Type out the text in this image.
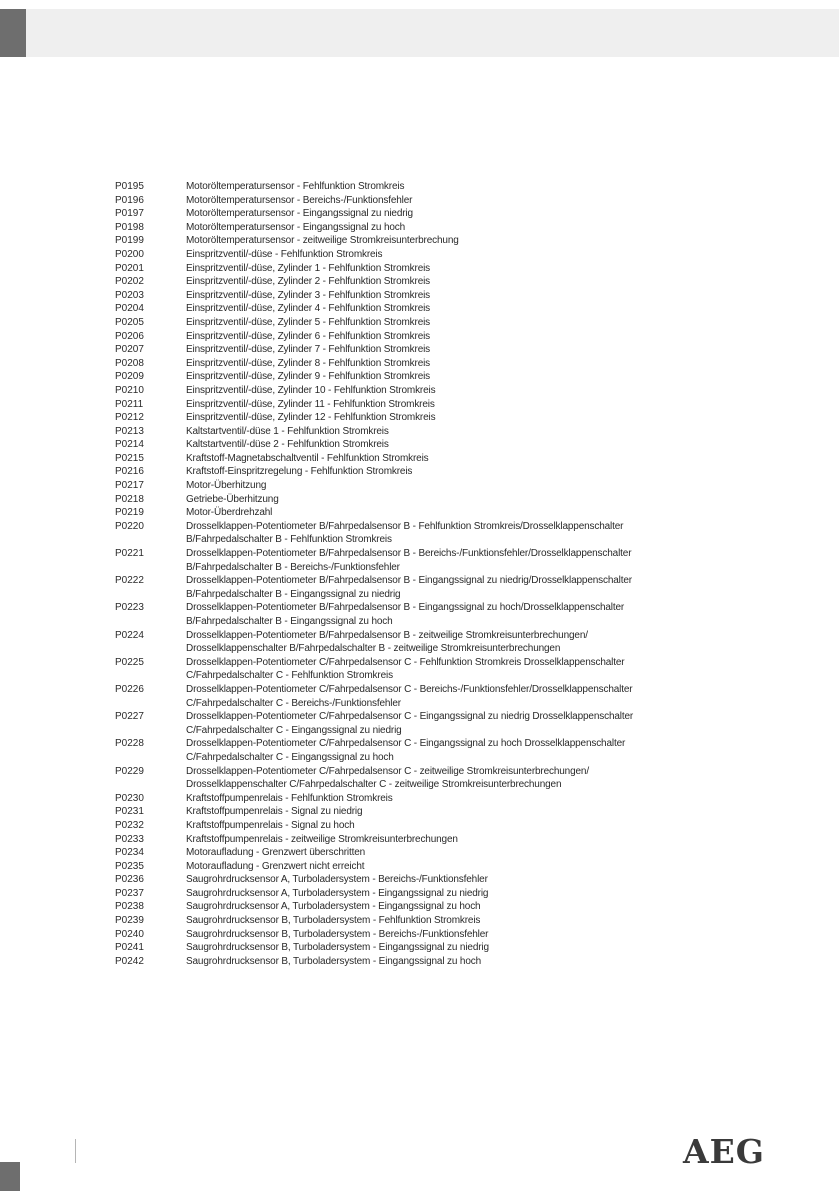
P0195	Motoröltemperatursensor - Fehlfunktion Stromkreis
P0196	Motoröltemperatursensor - Bereichs-/Funktionsfehler
P0197	Motoröltemperatursensor - Eingangssignal zu niedrig
P0198	Motoröltemperatursensor - Eingangssignal zu hoch
P0199	Motoröltemperatursensor - zeitweilige Stromkreisunterbrechung
P0200	Einspritzventil/-düse - Fehlfunktion Stromkreis
P0201	Einspritzventil/-düse, Zylinder 1 - Fehlfunktion Stromkreis
P0202	Einspritzventil/-düse, Zylinder 2 - Fehlfunktion Stromkreis
P0203	Einspritzventil/-düse, Zylinder 3 - Fehlfunktion Stromkreis
P0204	Einspritzventil/-düse, Zylinder 4 - Fehlfunktion Stromkreis
P0205	Einspritzventil/-düse, Zylinder 5 - Fehlfunktion Stromkreis
P0206	Einspritzventil/-düse, Zylinder 6 - Fehlfunktion Stromkreis
P0207	Einspritzventil/-düse, Zylinder 7 - Fehlfunktion Stromkreis
P0208	Einspritzventil/-düse, Zylinder 8 - Fehlfunktion Stromkreis
P0209	Einspritzventil/-düse, Zylinder 9 - Fehlfunktion Stromkreis
P0210	Einspritzventil/-düse, Zylinder 10 - Fehlfunktion Stromkreis
P0211	Einspritzventil/-düse, Zylinder 11 - Fehlfunktion Stromkreis
P0212	Einspritzventil/-düse, Zylinder 12 - Fehlfunktion Stromkreis
P0213	Kaltstartventil/-düse 1 - Fehlfunktion Stromkreis
P0214	Kaltstartventil/-düse 2 - Fehlfunktion Stromkreis
P0215	Kraftstoff-Magnetabschaltventil - Fehlfunktion Stromkreis
P0216	Kraftstoff-Einspritzregelung - Fehlfunktion Stromkreis
P0217	Motor-Überhitzung
P0218	Getriebe-Überhitzung
P0219	Motor-Überdrehzahl
P0220	Drosselklappen-Potentiometer B/Fahrpedalsensor B - Fehlfunktion Stromkreis/Drosselklappenschalter
B/Fahrpedalschalter B - Fehlfunktion Stromkreis
P0221	Drosselklappen-Potentiometer B/Fahrpedalsensor B - Bereichs-/Funktionsfehler/Drosselklappenschalter
B/Fahrpedalschalter B - Bereichs-/Funktionsfehler
P0222	Drosselklappen-Potentiometer B/Fahrpedalsensor B - Eingangssignal zu niedrig/Drosselklappenschalter
B/Fahrpedalschalter B - Eingangssignal zu niedrig
P0223	Drosselklappen-Potentiometer B/Fahrpedalsensor B - Eingangssignal zu hoch/Drosselklappenschalter
B/Fahrpedalschalter B - Eingangssignal zu hoch
P0224	Drosselklappen-Potentiometer B/Fahrpedalsensor B - zeitweilige Stromkreisunterbrechungen/
Drosselklappenschalter B/Fahrpedalschalter B - zeitweilige Stromkreisunterbrechungen
P0225	Drosselklappen-Potentiometer C/Fahrpedalsensor C - Fehlfunktion Stromkreis Drosselklappenschalter
C/Fahrpedalschalter C - Fehlfunktion Stromkreis
P0226	Drosselklappen-Potentiometer C/Fahrpedalsensor C - Bereichs-/Funktionsfehler/Drosselklappenschalter
C/Fahrpedalschalter C - Bereichs-/Funktionsfehler
P0227	Drosselklappen-Potentiometer C/Fahrpedalsensor C - Eingangssignal zu niedrig Drosselklappenschalter
C/Fahrpedalschalter C - Eingangssignal zu niedrig
P0228	Drosselklappen-Potentiometer C/Fahrpedalsensor C - Eingangssignal zu hoch Drosselklappenschalter
C/Fahrpedalschalter C - Eingangssignal zu hoch
P0229	Drosselklappen-Potentiometer C/Fahrpedalsensor C - zeitweilige Stromkreisunterbrechungen/
Drosselklappenschalter C/Fahrpedalschalter C - zeitweilige Stromkreisunterbrechungen
P0230	Kraftstoffpumpenrelais - Fehlfunktion Stromkreis
P0231	Kraftstoffpumpenrelais - Signal zu niedrig
P0232	Kraftstoffpumpenrelais - Signal zu hoch
P0233	Kraftstoffpumpenrelais - zeitweilige Stromkreisunterbrechungen
P0234	Motoraufladung - Grenzwert überschritten
P0235	Motoraufladung - Grenzwert nicht erreicht
P0236	Saugrohrdrucksensor A, Turboladersystem - Bereichs-/Funktionsfehler
P0237	Saugrohrdrucksensor A, Turboladersystem - Eingangssignal zu niedrig
P0238	Saugrohrdrucksensor A, Turboladersystem - Eingangssignal zu hoch
P0239	Saugrohrdrucksensor B, Turboladersystem - Fehlfunktion Stromkreis
P0240	Saugrohrdrucksensor B, Turboladersystem - Bereichs-/Funktionsfehler
P0241	Saugrohrdrucksensor B, Turboladersystem - Eingangssignal zu niedrig
P0242	Saugrohrdrucksensor B, Turboladersystem - Eingangssignal zu hoch
AEG
